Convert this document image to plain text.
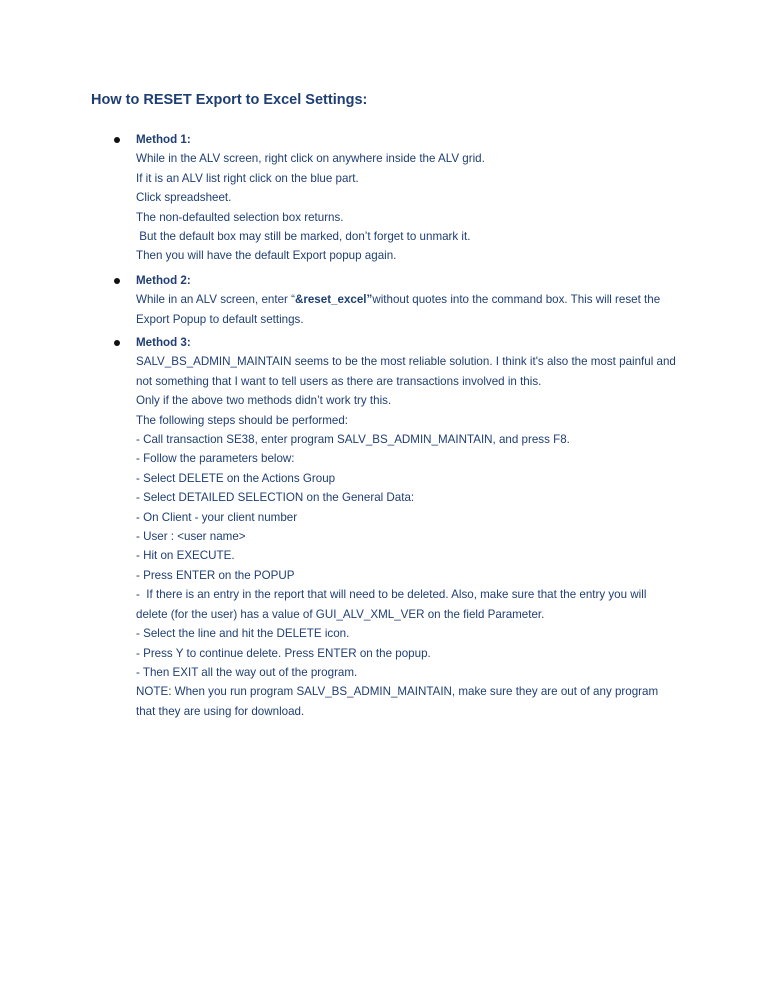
How to RESET Export to Excel Settings:
Method 1:
While in the ALV screen, right click on anywhere inside the ALV grid.
If it is an ALV list right click on the blue part.
Click spreadsheet.
The non-defaulted selection box returns.
But the default box may still be marked, don’t forget to unmark it.
Then you will have the default Export popup again.
Method 2:
While in an ALV screen, enter “&reset_excel”without quotes into the command box. This will reset the Export Popup to default settings.
Method 3:
SALV_BS_ADMIN_MAINTAIN seems to be the most reliable solution. I think it's also the most painful and not something that I want to tell users as there are transactions involved in this.
Only if the above two methods didn’t work try this.
The following steps should be performed:
- Call transaction SE38, enter program SALV_BS_ADMIN_MAINTAIN, and press F8.
- Follow the parameters below:
- Select DELETE on the Actions Group
- Select DETAILED SELECTION on the General Data:
- On Client - your client number
- User : <user name>
- Hit on EXECUTE.
- Press ENTER on the POPUP
-  If there is an entry in the report that will need to be deleted. Also, make sure that the entry you will delete (for the user) has a value of GUI_ALV_XML_VER on the field Parameter.
- Select the line and hit the DELETE icon.
- Press Y to continue delete. Press ENTER on the popup.
- Then EXIT all the way out of the program.
NOTE: When you run program SALV_BS_ADMIN_MAINTAIN, make sure they are out of any program that they are using for download.
